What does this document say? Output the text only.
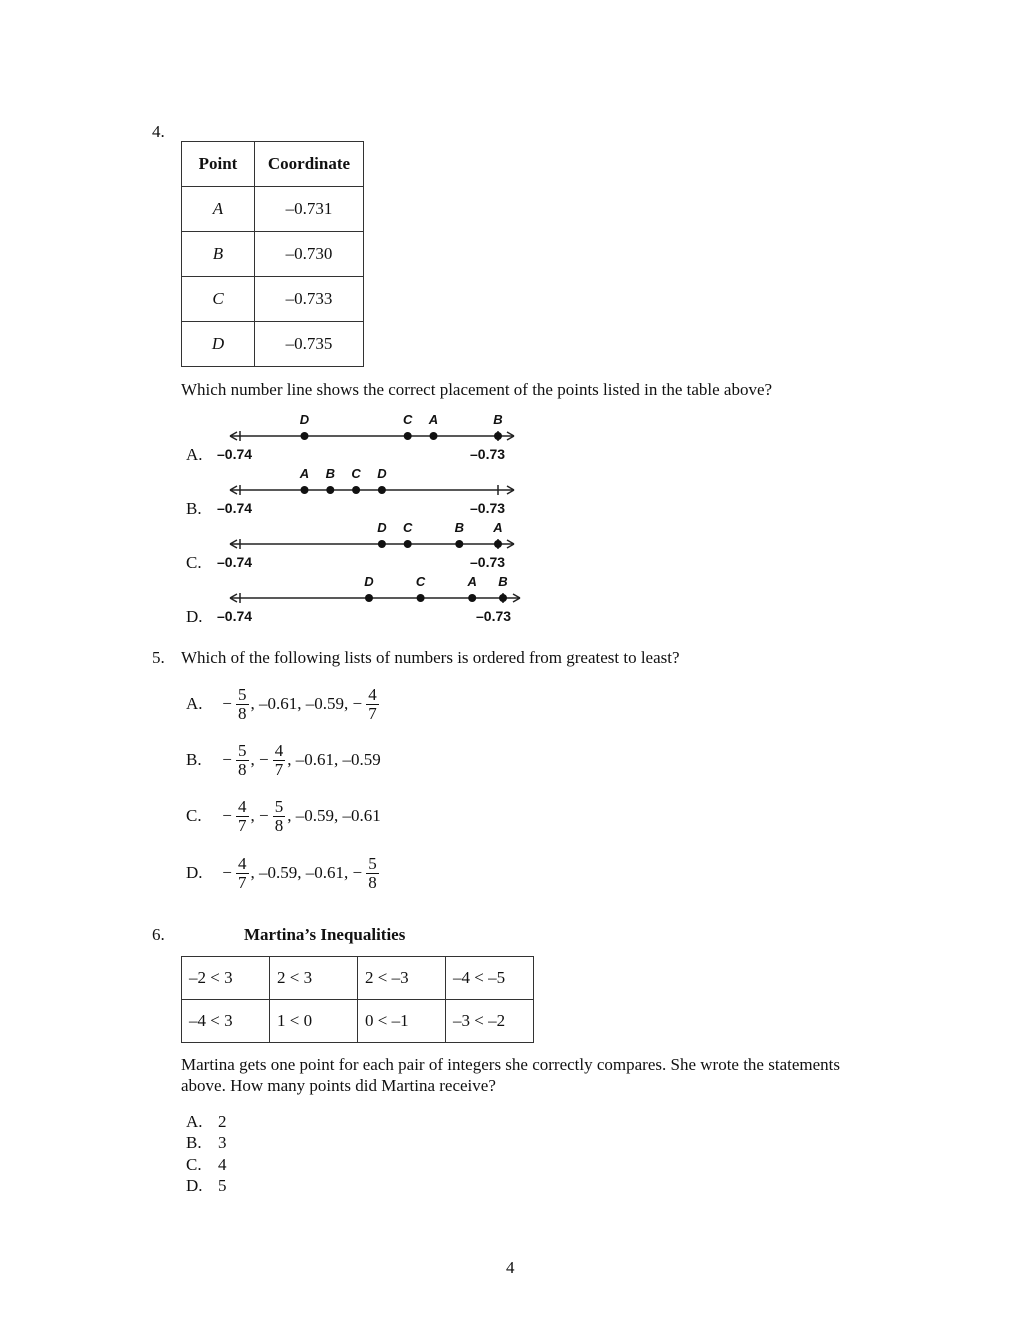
4.
Point	Coordinate
A	–0.731
B	–0.730
C	–0.733
D	–0.735
Which number line shows the correct placement of the points listed in the table above?
A.
B.
C.
D.
–0.74	–0.73
D	C A	B
–0.74	–0.73
A B C D
–0.74	–0.73
D C	B A
–0.74	–0.73
D	C	A B
5. Which of the following lists of numbers is ordered from greatest to least?
A.	− $\frac{5}{8}$ , –0.61, –0.59, − $\frac{4}{7}$
B.	− $\frac{5}{8}$ , − $\frac{4}{7}$ , –0.61, –0.59
C.	− $\frac{4}{7}$ , − $\frac{5}{8}$ , –0.59, –0.61
D.	− $\frac{4}{7}$ , –0.59, –0.61, − $\frac{5}{8}$
6.	Martina’s Inequalities
–2 < 3	2 < 3	2 < –3	–4 < –5
–4 < 3	1 < 0	0 < –1	–3 < –2
Martina gets one point for each pair of integers she correctly compares. She wrote the statements above. How many points did Martina receive?
A. 2
B. 3
C. 4
D. 5
4
